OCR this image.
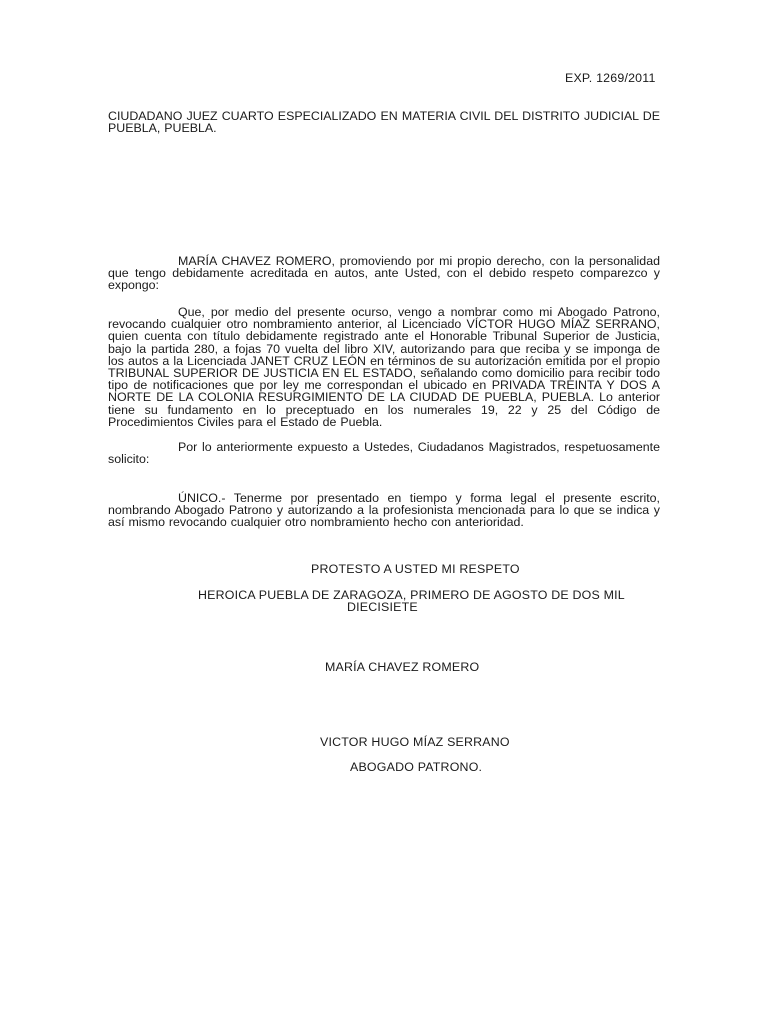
EXP. 1269/2011

CIUDADANO JUEZ CUARTO ESPECIALIZADO EN MATERIA CIVIL DEL DISTRITO JUDICIAL DE PUEBLA, PUEBLA.

MARÍA CHAVEZ ROMERO, promoviendo por mi propio derecho, con la personalidad que tengo debidamente acreditada en autos, ante Usted, con el debido respeto comparezco y expongo:

Que, por medio del presente ocurso, vengo a nombrar como mi Abogado Patrono, revocando cualquier otro nombramiento anterior, al Licenciado VÍCTOR HUGO MÍAZ SERRANO, quien cuenta con título debidamente registrado ante el Honorable Tribunal Superior de Justicia, bajo la partida 280, a fojas 70 vuelta del libro XIV, autorizando para que reciba y se imponga de los autos a la Licenciada JANET CRUZ LEÓN en términos de su autorización emitida por el propio TRIBUNAL SUPERIOR DE JUSTICIA EN EL ESTADO, señalando como domicilio para recibir todo tipo de notificaciones que por ley me correspondan el ubicado en PRIVADA TREINTA Y DOS A NORTE DE LA COLONIA RESURGIMIENTO DE LA CIUDAD DE PUEBLA, PUEBLA. Lo anterior tiene su fundamento en lo preceptuado en los numerales 19, 22 y 25 del Código de Procedimientos Civiles para el Estado de Puebla.

Por lo anteriormente expuesto a Ustedes, Ciudadanos Magistrados, respetuosamente solicito:

ÚNICO.- Tenerme por presentado en tiempo y forma legal el presente escrito, nombrando Abogado Patrono y autorizando a la profesionista mencionada para lo que se indica y así mismo revocando cualquier otro nombramiento hecho con anterioridad.

PROTESTO A USTED MI RESPETO
HEROICA PUEBLA DE ZARAGOZA, PRIMERO DE AGOSTO DE DOS MIL
DIECISIETE
MARÍA CHAVEZ ROMERO
VICTOR HUGO MÍAZ SERRANO
ABOGADO PATRONO.
